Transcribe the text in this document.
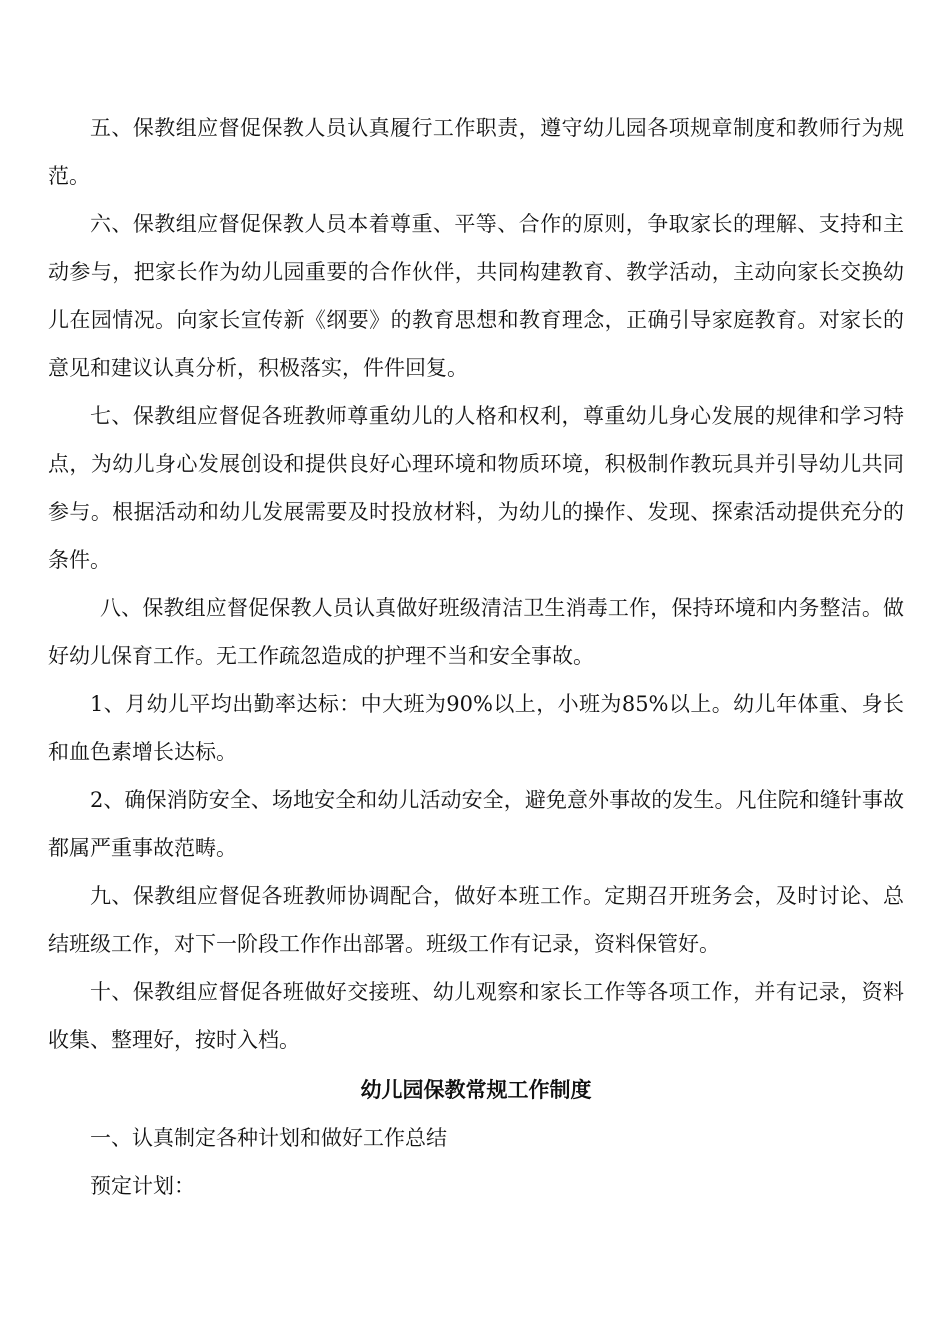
五、保教组应督促保教人员认真履行工作职责，遵守幼儿园各项规章制度和教师行为规范。

六、保教组应督促保教人员本着尊重、平等、合作的原则，争取家长的理解、支持和主动参与，把家长作为幼儿园重要的合作伙伴，共同构建教育、教学活动，主动向家长交换幼儿在园情况。向家长宣传新《纲要》的教育思想和教育理念，正确引导家庭教育。对家长的意见和建议认真分析，积极落实，件件回复。

七、保教组应督促各班教师尊重幼儿的人格和权利，尊重幼儿身心发展的规律和学习特点，为幼儿身心发展创设和提供良好心理环境和物质环境，积极制作教玩具并引导幼儿共同参与。根据活动和幼儿发展需要及时投放材料，为幼儿的操作、发现、探索活动提供充分的条件。

八、保教组应督促保教人员认真做好班级清洁卫生消毒工作，保持环境和内务整洁。做好幼儿保育工作。无工作疏忽造成的护理不当和安全事故。

1、月幼儿平均出勤率达标：中大班为90%以上，小班为85%以上。幼儿年体重、身长和血色素增长达标。

2、确保消防安全、场地安全和幼儿活动安全，避免意外事故的发生。凡住院和缝针事故都属严重事故范畴。

九、保教组应督促各班教师协调配合，做好本班工作。定期召开班务会，及时讨论、总结班级工作，对下一阶段工作作出部署。班级工作有记录，资料保管好。

十、保教组应督促各班做好交接班、幼儿观察和家长工作等各项工作，并有记录，资料收集、整理好，按时入档。

幼儿园保教常规工作制度

一、认真制定各种计划和做好工作总结

预定计划：
